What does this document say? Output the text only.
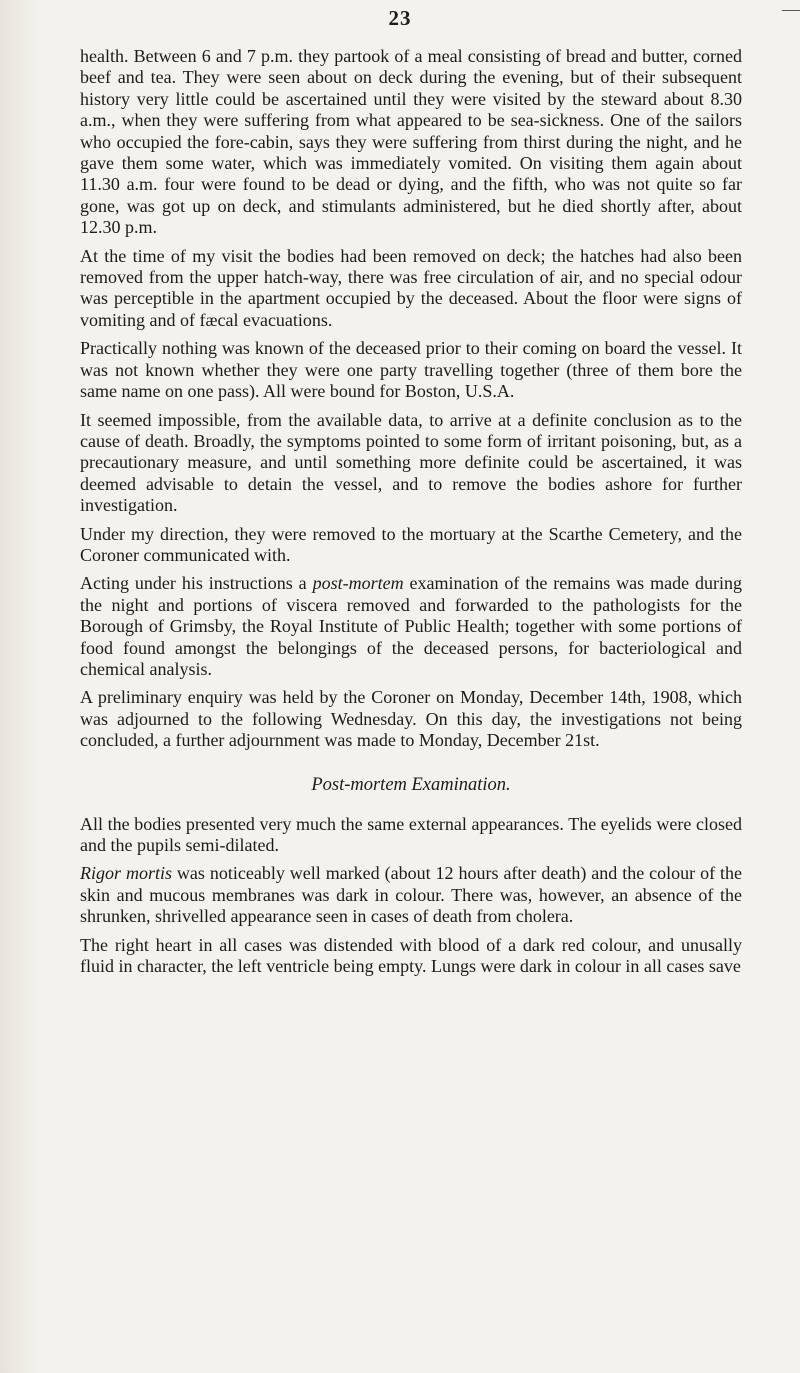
23	—

health. Between 6 and 7 p.m. they partook of a meal consisting of bread and butter, corned beef and tea. They were seen about on deck during the evening, but of their subsequent history very little could be ascertained until they were visited by the steward about 8.30 a.m., when they were suffering from what appeared to be sea-sickness. One of the sailors who occupied the fore-cabin, says they were suffering from thirst during the night, and he gave them some water, which was immediately vomited. On visiting them again about 11.30 a.m. four were found to be dead or dying, and the fifth, who was not quite so far gone, was got up on deck, and stimulants administered, but he died shortly after, about 12.30 p.m.

At the time of my visit the bodies had been removed on deck; the hatches had also been removed from the upper hatch-way, there was free circulation of air, and no special odour was perceptible in the apartment occupied by the deceased. About the floor were signs of vomiting and of fæcal evacuations.

Practically nothing was known of the deceased prior to their coming on board the vessel. It was not known whether they were one party travelling together (three of them bore the same name on one pass). All were bound for Boston, U.S.A.

It seemed impossible, from the available data, to arrive at a definite conclusion as to the cause of death. Broadly, the symptoms pointed to some form of irritant poisoning, but, as a precautionary measure, and until something more definite could be ascertained, it was deemed advisable to detain the vessel, and to remove the bodies ashore for further investigation.

Under my direction, they were removed to the mortuary at the Scarthe Cemetery, and the Coroner communicated with.

Acting under his instructions a post-mortem examination of the remains was made during the night and portions of viscera removed and forwarded to the pathologists for the Borough of Grimsby, the Royal Institute of Public Health; together with some portions of food found amongst the belongings of the deceased persons, for bacteriological and chemical analysis.

A preliminary enquiry was held by the Coroner on Monday, December 14th, 1908, which was adjourned to the following Wednesday. On this day, the investigations not being concluded, a further adjournment was made to Monday, December 21st.

Post-mortem Examination.

All the bodies presented very much the same external appearances. The eyelids were closed and the pupils semi-dilated.

Rigor mortis was noticeably well marked (about 12 hours after death) and the colour of the skin and mucous membranes was dark in colour. There was, however, an absence of the shrunken, shrivelled appearance seen in cases of death from cholera.

The right heart in all cases was distended with blood of a dark red colour, and unusally fluid in character, the left ventricle being empty. Lungs were dark in colour in all cases save
